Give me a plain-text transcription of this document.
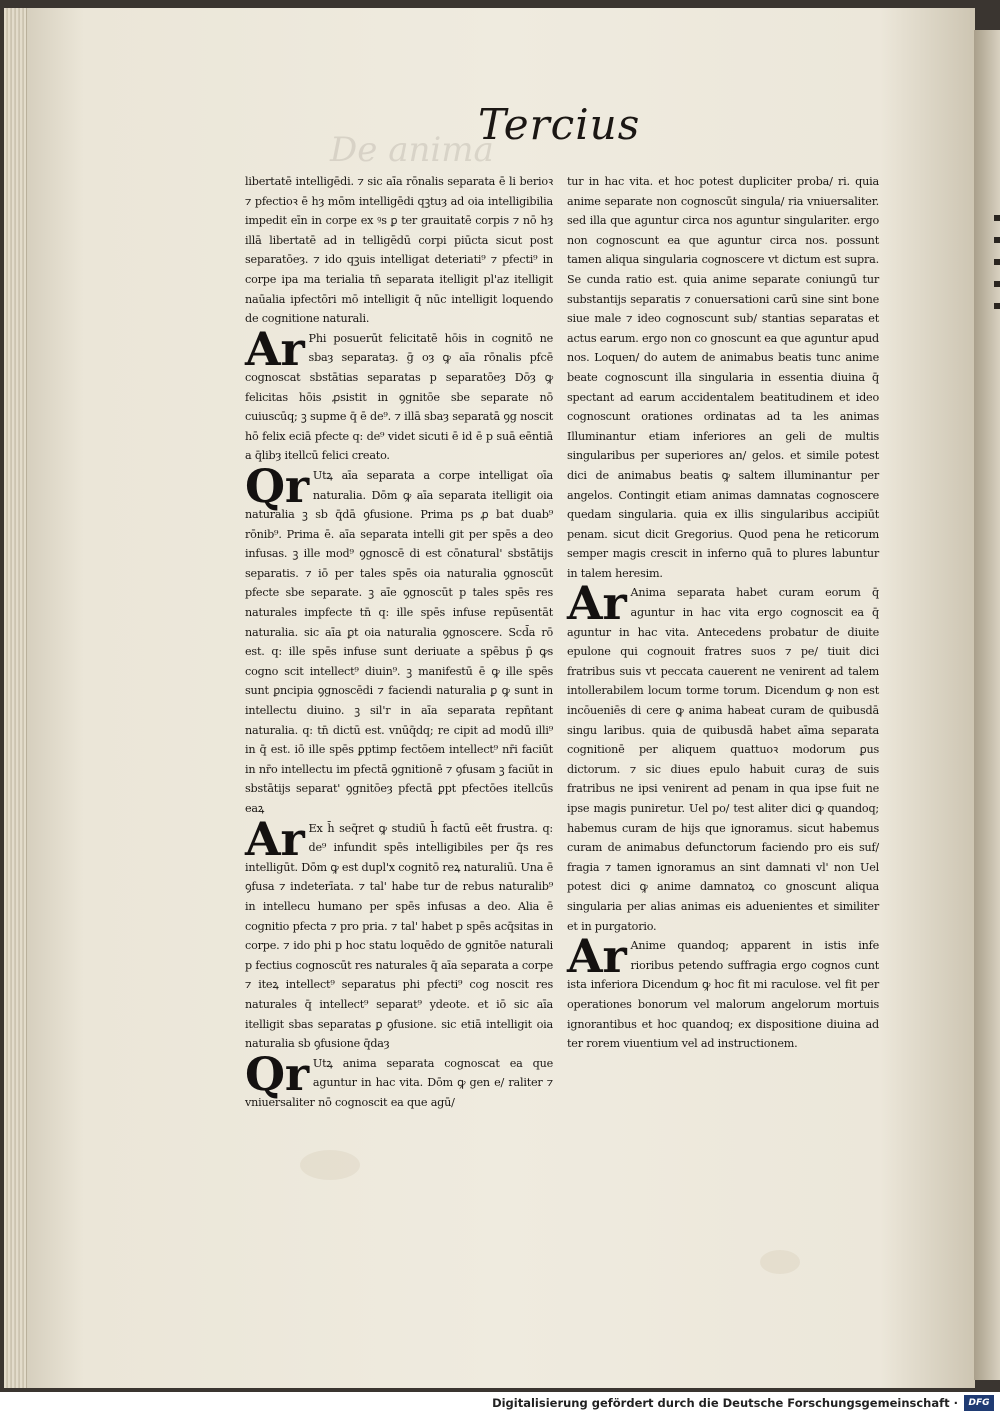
De anima
Tercius

libertatē intelligēdi. ⁊ sic aīa rōnalis separata ē li berioꝛ ⁊ pfectioꝛ ē hȝ mōm intelligēdi qꝫtuȝ ad oia intelligibilia impedit eīn in corpe ex ꝰs ꝑ ter grauitatē corpis ⁊ nō hȝ illā libertatē ad in telligēdū corpi piūcta sicut post separatōeȝ. ⁊ ido qꝫuis intelligat deteriati⁹ ⁊ pfecti⁹ in corpe ipa ma terialia tn̄ separata itelligit pl'az itelligit naūalia ipfectōri mō intelligit q̄ nūc intelligit loquendo de cognitione naturali.

Ar Phi posuerūt felicitatē hōis in cognitō ne sbaȝ separataȝ. ḡ oȝ ꝙ aīa rōnalis pfcē cognoscat sbstātias separatas p separatōeȝ Dōȝ ꝙ felicitas hōis ꝓsistit in ꝯgnitōe sbe separate nō cuiuscūq; ꝫ supme q̄ ē de⁹. ⁊ illā sbaȝ separatā ꝯg noscit hō felix eciā pfecte q: de⁹ videt sicuti ē id ē p suā eēntiā a q̄libȝ itellcū felici creato.

Qr Utꝝ aīa separata a corpe intelligat oīa naturalia. Dōm ꝙ aīa separata itelligit oia naturalia ꝫ sb q̄dā ꝯfusione. Prima ps ꝓ bat duab⁹ rōnib⁹. Prima ē. aīa separata intelli git per spēs a deo infusas. ꝫ ille mod⁹ ꝯgnoscē di est cōnatural' sbstātijs separatis. ⁊ iō per tales spēs oia naturalia ꝯgnoscūt pfecte sbe separate. ꝫ aīe ꝯgnoscūt p tales spēs res naturales impfecte tn̄ q: ille spēs infuse repūsentāt naturalia. sic aīa ꝑt oia naturalia ꝯgnoscere. Scd̄a rō est. q: ille spēs infuse sunt deriuate a spēbus p̄ ꝙs cogno scit intellect⁹ diuin⁹. ꝫ manifestū ē ꝙ ille spēs sunt ꝑncipia ꝯgnoscēdi ⁊ faciendi naturalia ꝑ ꝙ sunt in intellectu diuino. ꝫ sil'r in aīa separata repn̄tant naturalia. q: tn̄ dictū est. vnūq̄dq; re cipit ad modū illi⁹ in q̄ est. iō ille spēs ꝑptimp fectōem intellect⁹ nr̄i faciūt in nr̄o intellectu im pfectā ꝯgnitionē ⁊ ꝯfusam ꝫ faciūt in sbstātijs separat' ꝯgnitōeȝ pfectā ꝑpt pfectōes itellcūs eaꝝ

Ar Ex h̄ seq̄ret ꝙ studiū h̄ factū eēt frustra. q: de⁹ infundit spēs intelligibiles per q̄s res intelligūt. Dōm ꝙ est dupl'x cognitō reꝝ naturaliū. Una ē ꝯfusa ⁊ indeterīata. ⁊ tal' habe tur de rebus naturalib⁹ in intellecu humano per spēs infusas a deo. Alia ē cognitio pfecta ⁊ pro pria. ⁊ tal' habet p spēs acq̄sitas in corpe. ⁊ ido phi p hoc statu loquēdo de ꝯgnitōe naturali p fectius cognoscūt res naturales q̄ aīa separata a corpe ⁊ iteꝝ intellect⁹ separatus phi pfecti⁹ cog noscit res naturales q̄ intellect⁹ separat⁹ ydeote. et iō sic aīa itelligit sbas separatas ꝑ ꝯfusione. sic etiā intelligit oia naturalia sb ꝯfusione q̄daȝ

Qr Utꝝ anima separata cognoscat ea que aguntur in hac vita. Dōm ꝙ gen e/ raliter ⁊ vniuersaliter nō cognoscit ea que agū/

tur in hac vita. et hoc potest dupliciter proba/ ri. quia anime separate non cognoscūt singula/ ria vniuersaliter. sed illa que aguntur circa nos aguntur singulariter. ergo non cognoscunt ea que aguntur circa nos. possunt tamen aliqua singularia cognoscere vt dictum est supra. Se cunda ratio est. quia anime separate coniungū tur substantijs separatis ⁊ conuersationi carū sine sint bone siue male ⁊ ideo cognoscunt sub/ stantias separatas et actus earum. ergo non co gnoscunt ea que aguntur apud nos. Loquen/ do autem de animabus beatis tunc anime beate cognoscunt illa singularia in essentia diuina q̄ spectant ad earum accidentalem beatitudinem et ideo cognoscunt orationes ordinatas ad ta les animas Illuminantur etiam inferiores an geli de multis singularibus per superiores an/ gelos. et simile potest dici de animabus beatis ꝙ saltem illuminantur per angelos. Contingit etiam animas damnatas cognoscere quedam singularia. quia ex illis singularibus accipiūt penam. sicut dicit Gregorius. Quod pena he reticorum semper magis crescit in inferno quā to plures labuntur in talem heresim.

Ar Anima separata habet curam eorum q̄ aguntur in hac vita ergo cognoscit ea q̄ aguntur in hac vita. Antecedens probatur de diuite epulone qui cognouit fratres suos ⁊ pe/ tiuit dici fratribus suis vt peccata cauerent ne venirent ad talem intollerabilem locum torme torum. Dicendum ꝙ non est incōueniēs di cere ꝙ anima habeat curam de quibusdā singu laribus. quia de quibusdā habet aīma separata cognitionē per aliquem quattuoꝛ modorum ꝑus dictorum. ⁊ sic diues epulo habuit curaȝ de suis fratribus ne ipsi venirent ad penam in qua ipse fuit ne ipse magis puniretur. Uel po/ test aliter dici ꝙ quandoq; habemus curam de hijs que ignoramus. sicut habemus curam de animabus defunctorum faciendo pro eis suf/ fragia ⁊ tamen ignoramus an sint damnati vl' non Uel potest dici ꝙ anime damnatoꝝ co gnoscunt aliqua singularia per alias animas eis aduenientes et similiter et in purgatorio.

Ar Anime quandoq; apparent in istis infe rioribus petendo suffragia ergo cognos cunt ista inferiora Dicendum ꝙ hoc fit mi raculose. vel fit per operationes bonorum vel malorum angelorum mortuis ignorantibus et hoc quandoq; ex dispositione diuina ad ter rorem viuentium vel ad instructionem.

Digitalisierung gefördert durch die Deutsche Forschungsgemeinschaft ·	DFG
